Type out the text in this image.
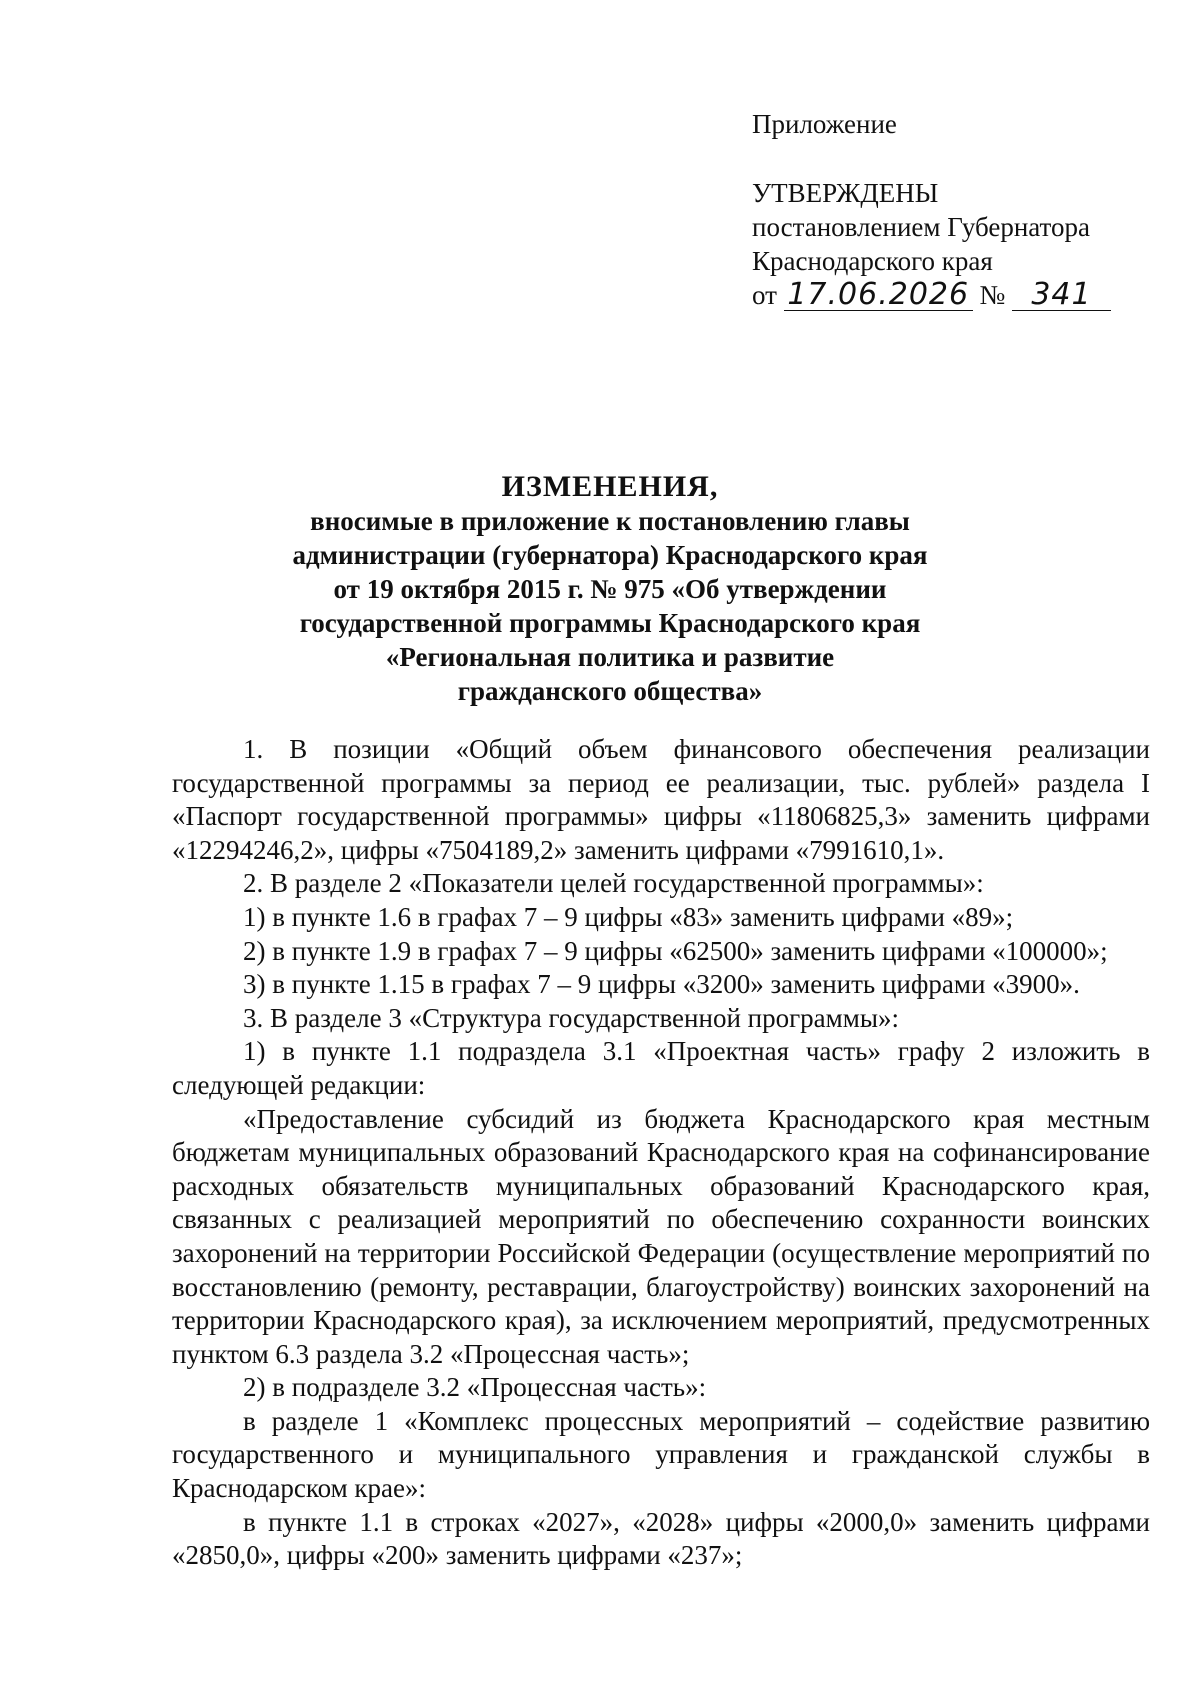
Приложение
УТВЕРЖДЕНЫ
постановлением Губернатора
Краснодарского края
от 17.06.2026 № 341
ИЗМЕНЕНИЯ,
вносимые в приложение к постановлению главы
администрации (губернатора) Краснодарского края
от 19 октября 2015 г. № 975 «Об утверждении
государственной программы Краснодарского края
«Региональная политика и развитие
гражданского общества»

1. В позиции «Общий объем финансового обеспечения реализации государственной программы за период ее реализации, тыс. рублей» раздела I «Паспорт государственной программы» цифры «11806825,3» заменить цифрами «12294246,2», цифры «7504189,2» заменить цифрами «7991610,1».

2. В разделе 2 «Показатели целей государственной программы»:

1) в пункте 1.6 в графах 7 – 9 цифры «83» заменить цифрами «89»;

2) в пункте 1.9 в графах 7 – 9 цифры «62500» заменить цифрами «100000»;

3) в пункте 1.15 в графах 7 – 9 цифры «3200» заменить цифрами «3900».

3. В разделе 3 «Структура государственной программы»:

1) в пункте 1.1 подраздела 3.1 «Проектная часть» графу 2 изложить в следующей редакции:

«Предоставление субсидий из бюджета Краснодарского края местным бюджетам муниципальных образований Краснодарского края на софинансирование расходных обязательств муниципальных образований Краснодарского края, связанных с реализацией мероприятий по обеспечению сохранности воинских захоронений на территории Российской Федерации (осуществление мероприятий по восстановлению (ремонту, реставрации, благоустройству) воинских захоронений на территории Краснодарского края), за исключением мероприятий, предусмотренных пунктом 6.3 раздела 3.2 «Процессная часть»;

2) в подразделе 3.2 «Процессная часть»:

в разделе 1 «Комплекс процессных мероприятий – содействие развитию государственного и муниципального управления и гражданской службы в Краснодарском крае»:

в пункте 1.1 в строках «2027», «2028» цифры «2000,0» заменить цифрами «2850,0», цифры «200» заменить цифрами «237»;
